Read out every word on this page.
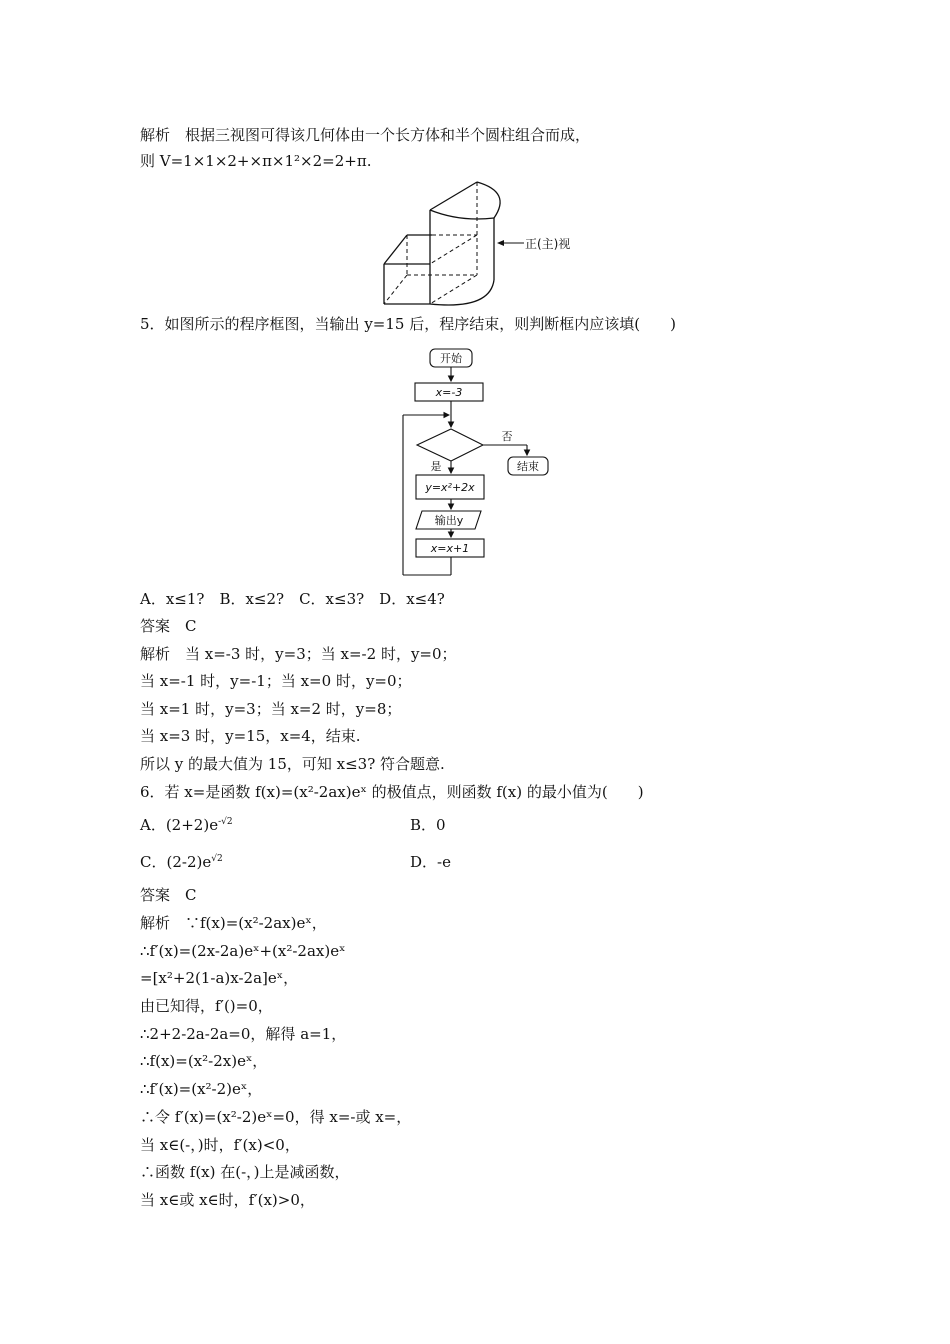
解析　根据三视图可得该几何体由一个长方体和半个圆柱组合而成，
则 V=1×1×2+×π×1²×2=2+π.
正(主)视
5．如图所示的程序框图，当输出 y=15 后，程序结束，则判断框内应该填(　　)
开始
x=-3
否
结束
是
y=x²+2x
输出y
x=x+1
A．x≤1?　B．x≤2?　C．x≤3?　D．x≤4?
答案　C
解析　当 x=-3 时，y=3；当 x=-2 时，y=0；
当 x=-1 时，y=-1；当 x=0 时，y=0；
当 x=1 时，y=3；当 x=2 时，y=8；
当 x=3 时，y=15，x=4，结束.
所以 y 的最大值为 15，可知 x≤3? 符合题意.
6．若 x=是函数 f(x)=(x²-2ax)eˣ 的极值点，则函数 f(x) 的最小值为(　　)
A．$(2+2)e^{-√2}$	B．0
C．$(2-2)e^{√2}$	D．-e
答案　C
解析　∵f(x)=(x²-2ax)eˣ，
∴f′(x)=(2x-2a)eˣ+(x²-2ax)eˣ
=[x²+2(1-a)x-2a]eˣ，
由已知得，f′()=0，
∴2+2-2a-2a=0，解得 a=1，
∴f(x)=(x²-2x)eˣ，
∴f′(x)=(x²-2)eˣ，
∴令 f′(x)=(x²-2)eˣ=0，得 x=-或 x=，
当 x∈(-，)时，f′(x)<0，
∴函数 f(x) 在(-，)上是减函数，
当 x∈或 x∈时，f′(x)>0，
